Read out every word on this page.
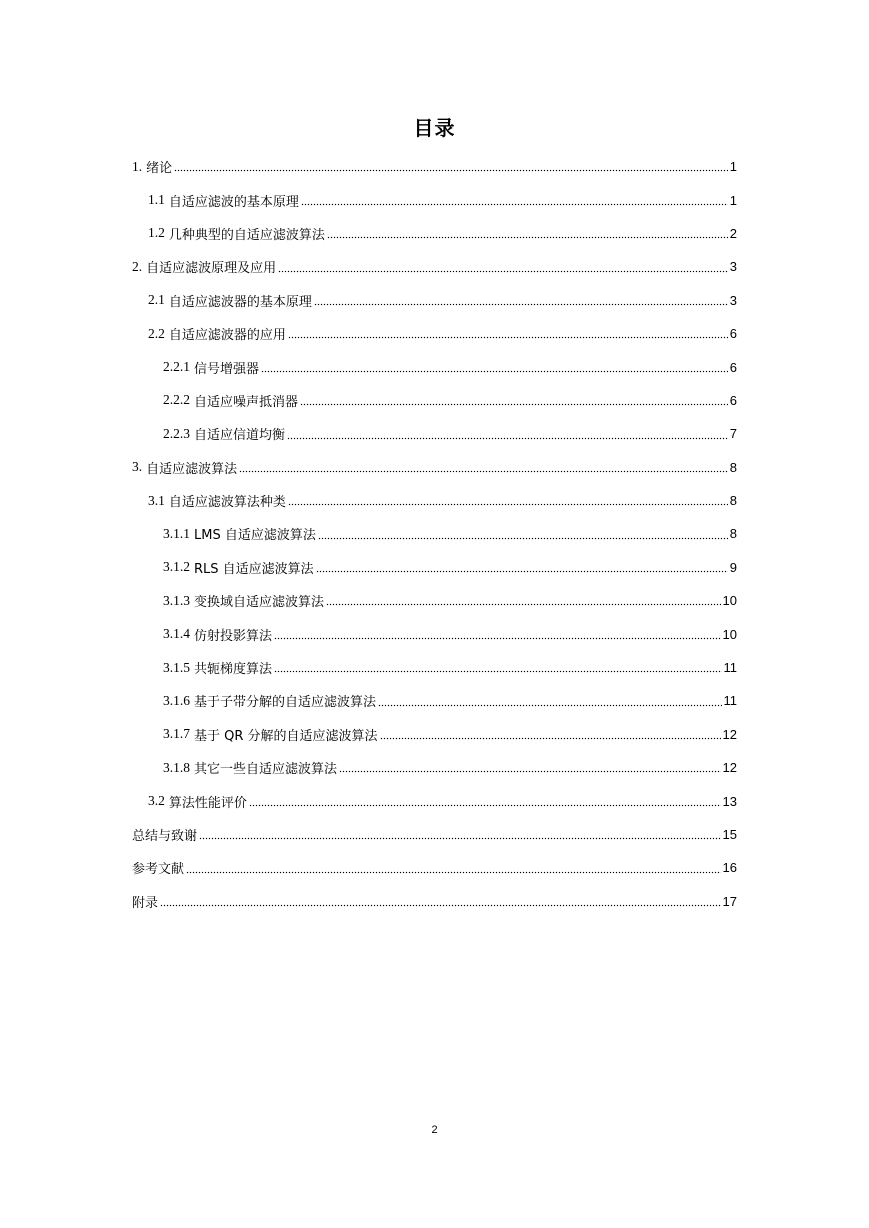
目录
1. 绪论	1
1.1 自适应滤波的基本原理	1
1.2 几种典型的自适应滤波算法	2
2. 自适应滤波原理及应用	3
2.1 自适应滤波器的基本原理	3
2.2 自适应滤波器的应用	6
2.2.1 信号增强器	6
2.2.2 自适应噪声抵消器	6
2.2.3 自适应信道均衡	7
3. 自适应滤波算法	8
3.1 自适应滤波算法种类	8
3.1.1 LMS 自适应滤波算法	8
3.1.2 RLS 自适应滤波算法	9
3.1.3 变换域自适应滤波算法	10
3.1.4 仿射投影算法	10
3.1.5 共轭梯度算法	11
3.1.6 基于子带分解的自适应滤波算法	11
3.1.7 基于 QR 分解的自适应滤波算法	12
3.1.8 其它一些自适应滤波算法	12
3.2 算法性能评价	13
总结与致谢	15
参考文献	16
附录	17
2
